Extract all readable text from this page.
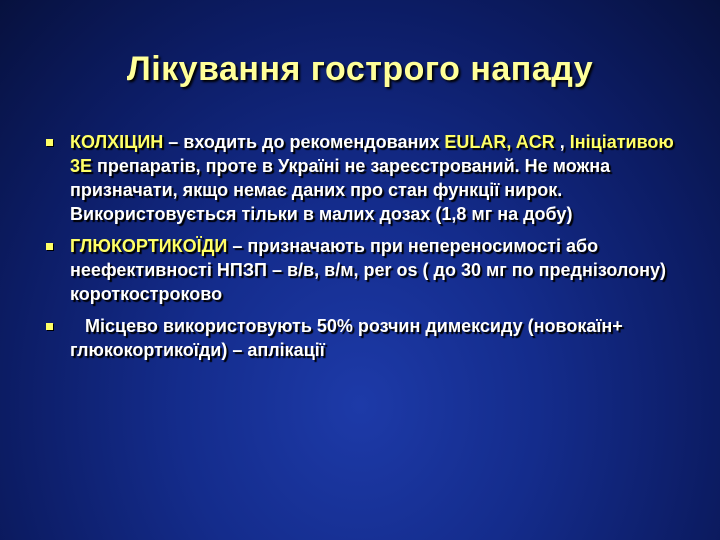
Лікування гострого нападу
КОЛХІЦИН – входить до рекомендованих EULAR, ACR , Ініціативою 3E препаратів, проте в Україні не зареєстрований. Не можна призначати, якщо немає даних про стан функції нирок. Використовується тільки в малих дозах (1,8 мг на добу)
ГЛЮКОРТИКОЇДИ – призначають при непереносимості або неефективності НПЗП – в/в, в/м, per os ( до 30 мг по преднізолону) короткостроково
Місцево використовують 50% розчин димексиду (новокаїн+ глюкокортикоїди) – аплікації
